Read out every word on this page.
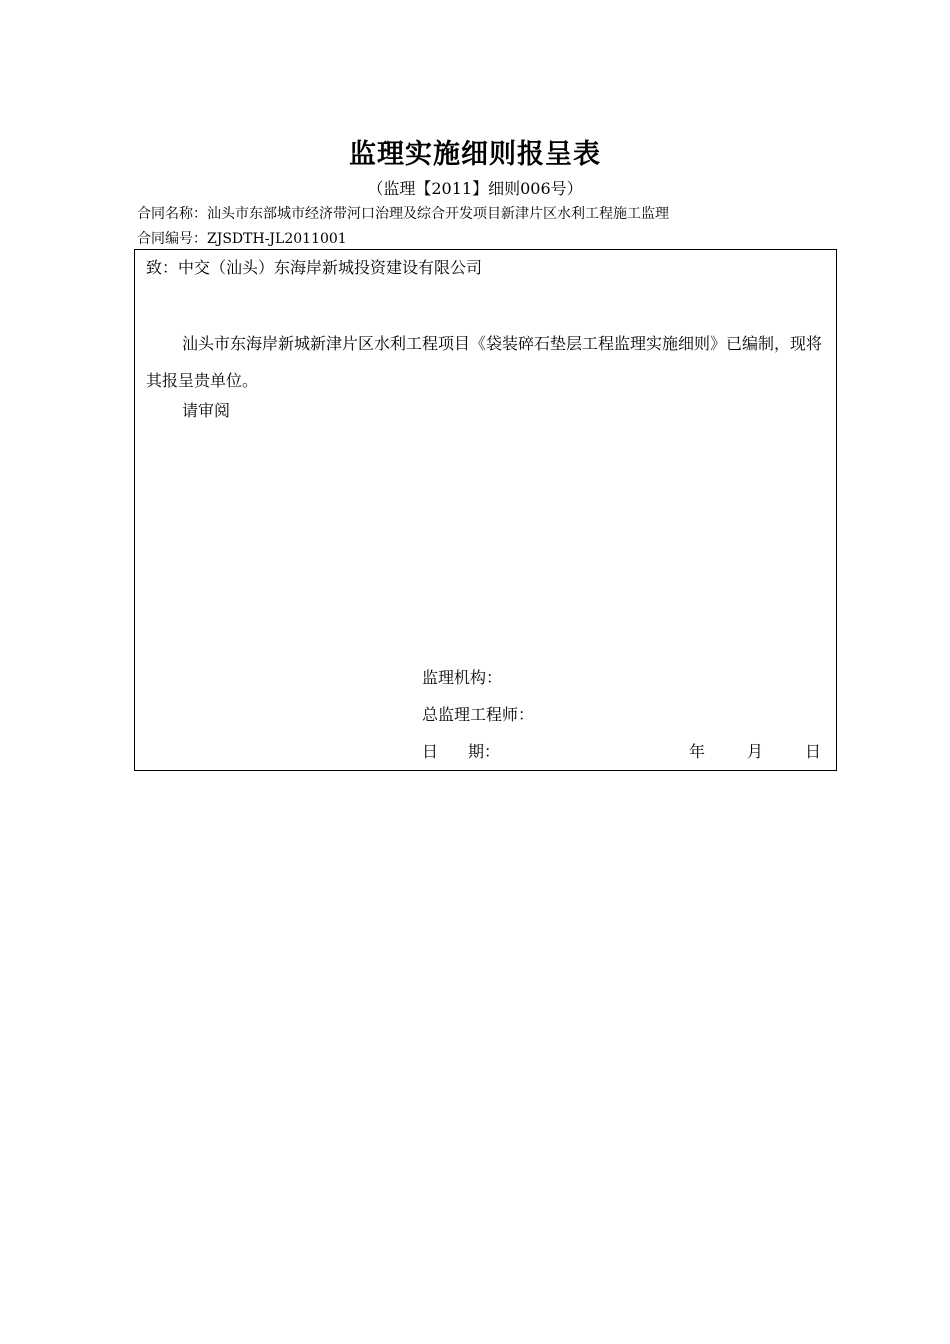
监理实施细则报呈表
（监理【2011】细则006号）
合同名称：汕头市东部城市经济带河口治理及综合开发项目新津片区水利工程施工监理
合同编号：ZJSDTH-JL2011001
致：中交（汕头）东海岸新城投资建设有限公司
汕头市东海岸新城新津片区水利工程项目《袋装碎石垫层工程监理实施细则》已编制，现将其报呈贵单位。
请审阅
监理机构：
总监理工程师：
日 期：	年	月	日
